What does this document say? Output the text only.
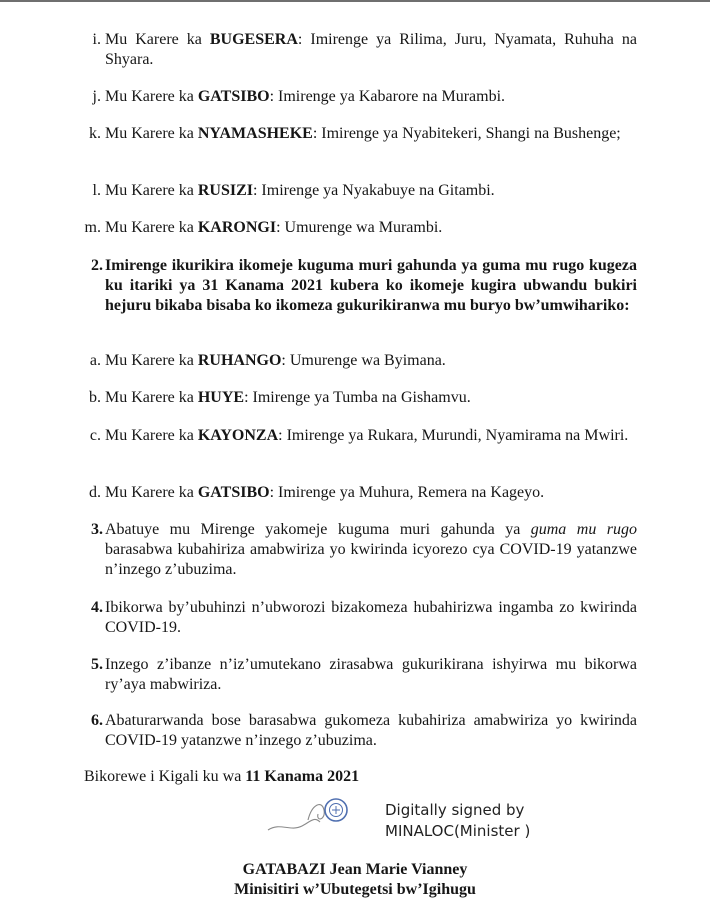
i. Mu Karere ka BUGESERA: Imirenge ya Rilima, Juru, Nyamata, Ruhuha na Shyara.
j. Mu Karere ka GATSIBO: Imirenge ya Kabarore na Murambi.
k. Mu Karere ka NYAMASHEKE: Imirenge ya Nyabitekeri, Shangi na Bushenge;
l. Mu Karere ka RUSIZI: Imirenge ya Nyakabuye na Gitambi.
m. Mu Karere ka KARONGI: Umurenge wa Murambi.
2. Imirenge ikurikira ikomeje kuguma muri gahunda ya guma mu rugo kugeza ku itariki ya 31 Kanama 2021 kubera ko ikomeje kugira ubwandu bukiri hejuru bikaba bisaba ko ikomeza gukurikiranwa mu buryo bw’umwihariko:
a. Mu Karere ka RUHANGO: Umurenge wa Byimana.
b. Mu Karere ka HUYE: Imirenge ya Tumba na Gishamvu.
c. Mu Karere ka KAYONZA: Imirenge ya Rukara, Murundi, Nyamirama na Mwiri.
d. Mu Karere ka GATSIBO: Imirenge ya Muhura, Remera na Kageyo.
3. Abatuye mu Mirenge yakomeje kuguma muri gahunda ya guma mu rugo barasabwa kubahiriza amabwiriza yo kwirinda icyorezo cya COVID-19 yatanzwe n’inzego z’ubuzima.
4. Ibikorwa by’ubuhinzi n’ubworozi bizakomeza hubahirizwa ingamba zo kwirinda COVID-19.
5. Inzego z’ibanze n’iz’umutekano zirasabwa gukurikirana ishyirwa mu bikorwa ry’aya mabwiriza.
6. Abaturarwanda bose barasabwa gukomeza kubahiriza amabwiriza yo kwirinda COVID-19 yatanzwe n’inzego z’ubuzima.
Bikorewe i Kigali ku wa 11 Kanama 2021
Digitally signed by
MINALOC(Minister )
GATABAZI Jean Marie Vianney
Minisitiri w’Ubutegetsi bw’Igihugu
